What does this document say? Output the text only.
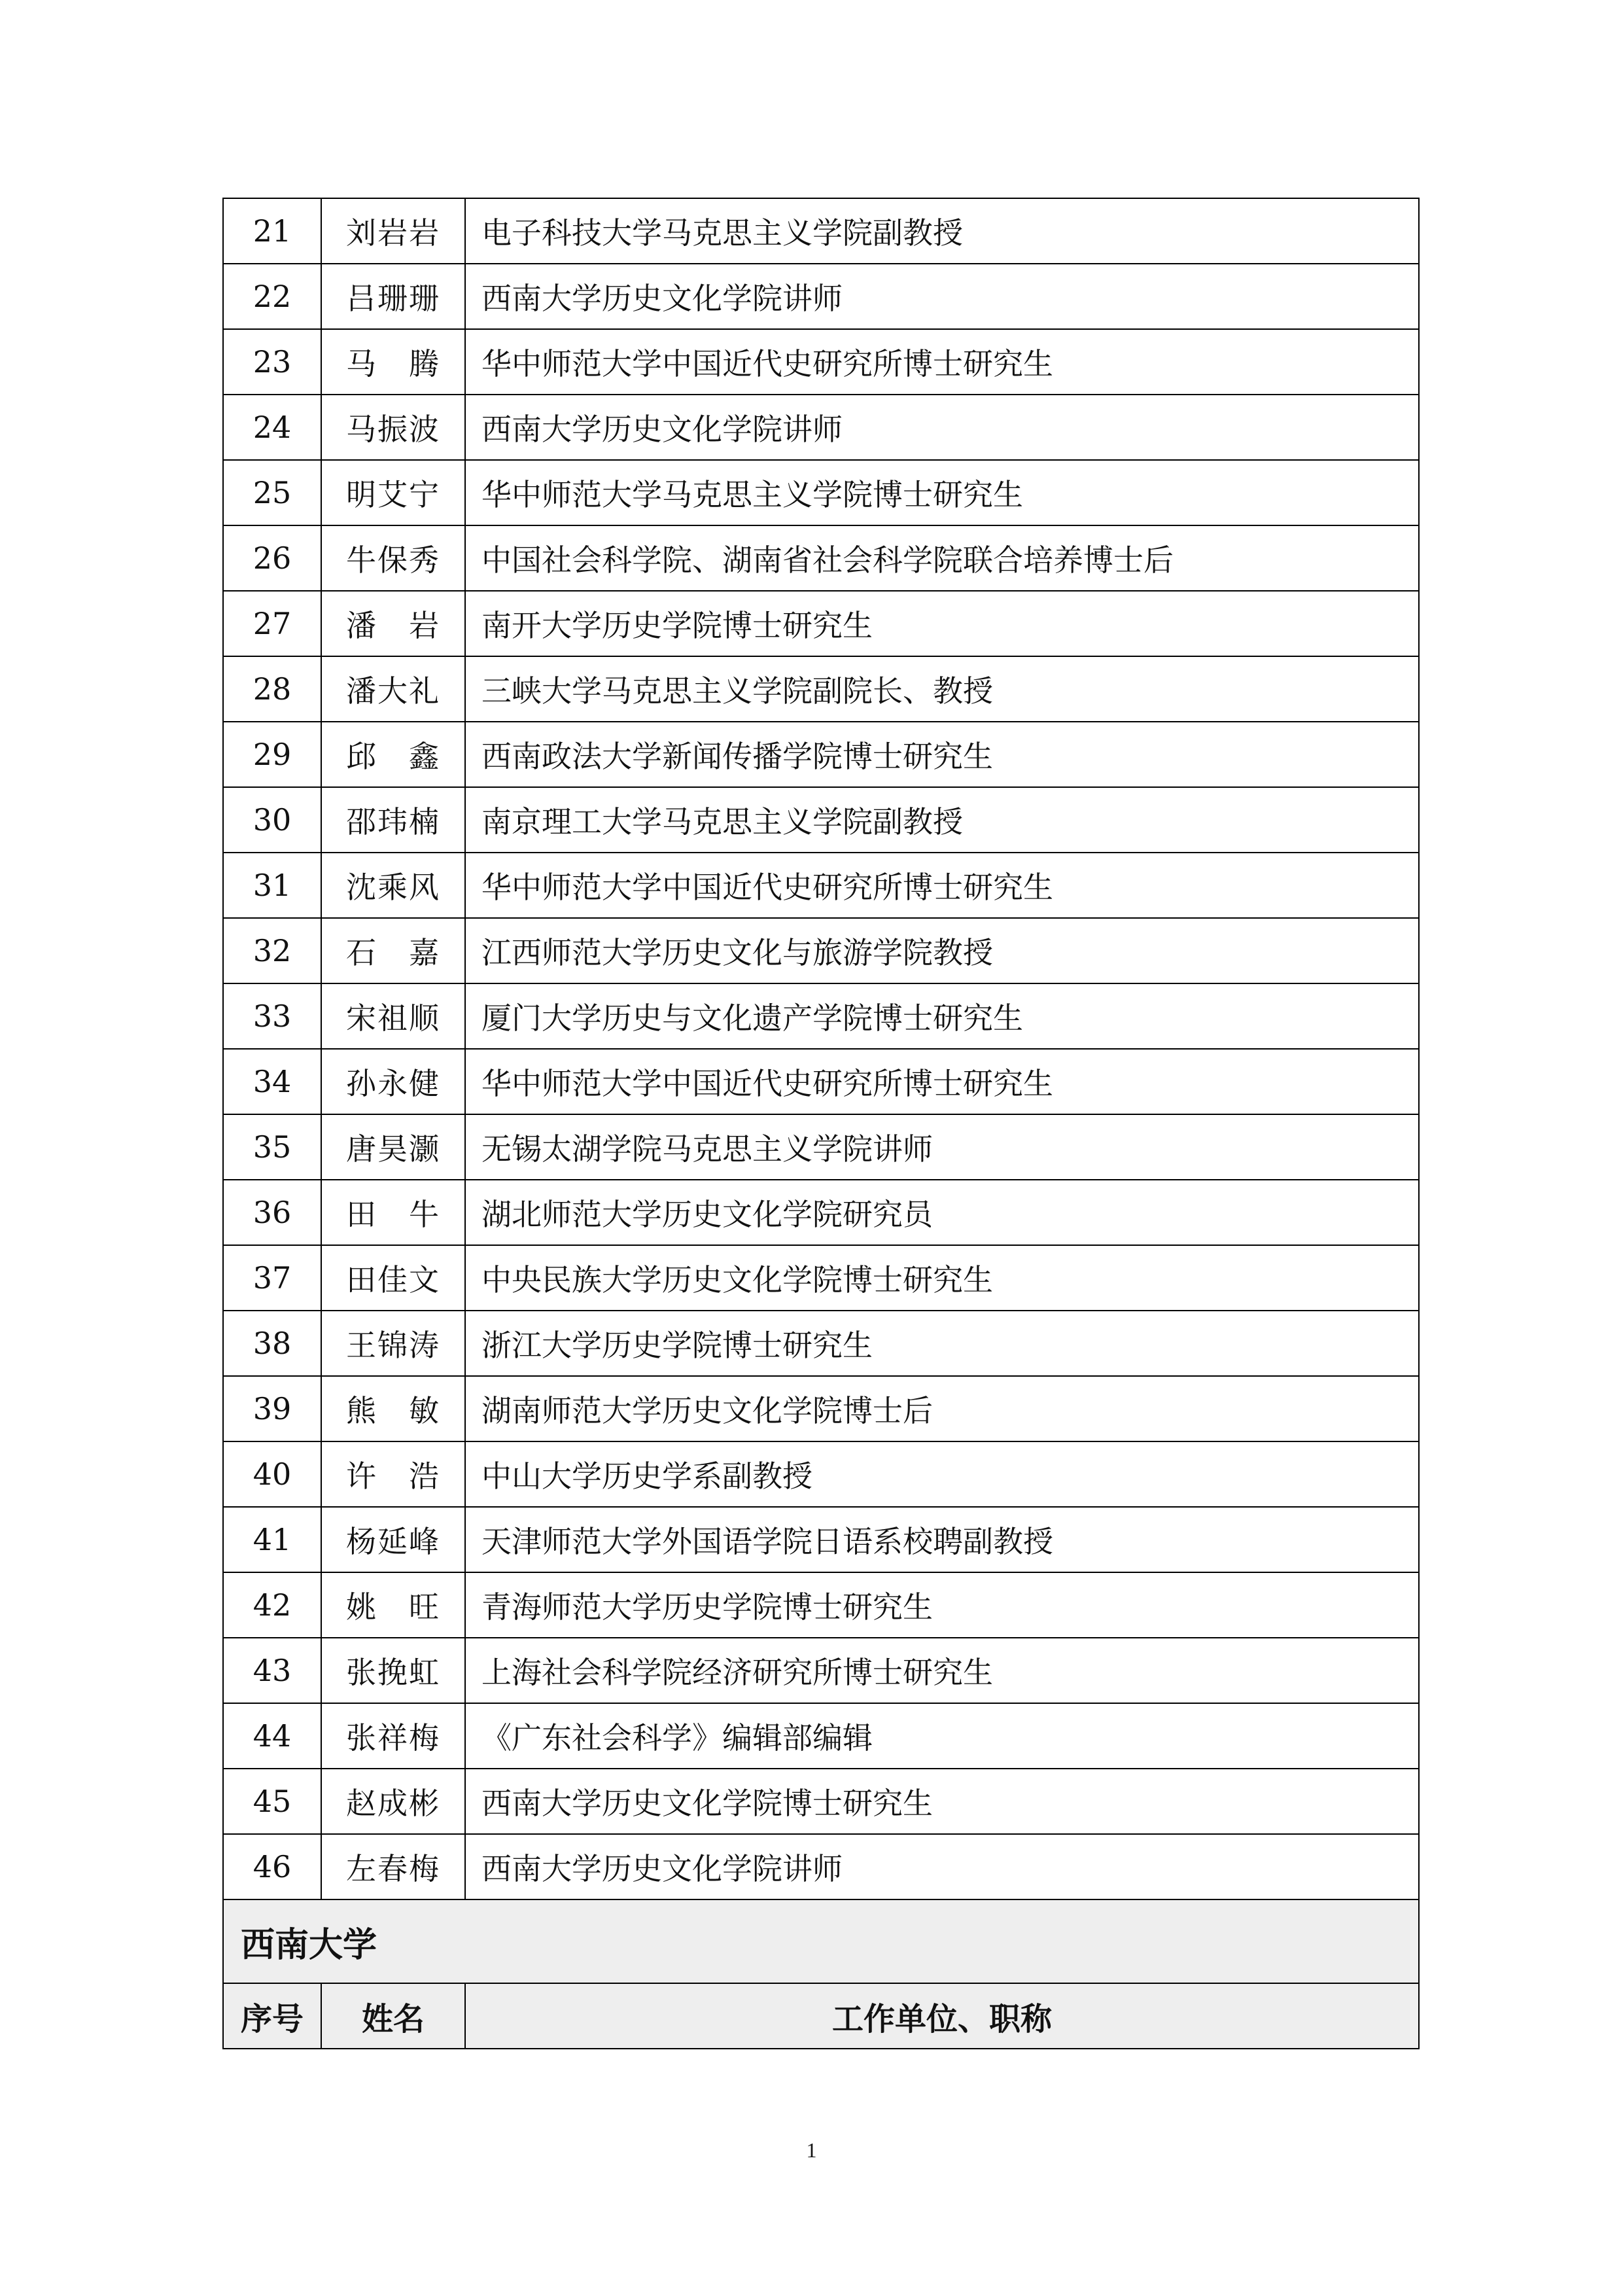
21	刘岩岩	电子科技大学马克思主义学院副教授
22	吕珊珊	西南大学历史文化学院讲师
23	马　腾	华中师范大学中国近代史研究所博士研究生
24	马振波	西南大学历史文化学院讲师
25	明艾宁	华中师范大学马克思主义学院博士研究生
26	牛保秀	中国社会科学院、湖南省社会科学院联合培养博士后
27	潘　岩	南开大学历史学院博士研究生
28	潘大礼	三峡大学马克思主义学院副院长、教授
29	邱　鑫	西南政法大学新闻传播学院博士研究生
30	邵玮楠	南京理工大学马克思主义学院副教授
31	沈乘风	华中师范大学中国近代史研究所博士研究生
32	石　嘉	江西师范大学历史文化与旅游学院教授
33	宋祖顺	厦门大学历史与文化遗产学院博士研究生
34	孙永健	华中师范大学中国近代史研究所博士研究生
35	唐昊灏	无锡太湖学院马克思主义学院讲师
36	田　牛	湖北师范大学历史文化学院研究员
37	田佳文	中央民族大学历史文化学院博士研究生
38	王锦涛	浙江大学历史学院博士研究生
39	熊　敏	湖南师范大学历史文化学院博士后
40	许　浩	中山大学历史学系副教授
41	杨延峰	天津师范大学外国语学院日语系校聘副教授
42	姚　旺	青海师范大学历史学院博士研究生
43	张挽虹	上海社会科学院经济研究所博士研究生
44	张祥梅	《广东社会科学》编辑部编辑
45	赵成彬	西南大学历史文化学院博士研究生
46	左春梅	西南大学历史文化学院讲师
西南大学		
序号	姓名	工作单位、职称
1
